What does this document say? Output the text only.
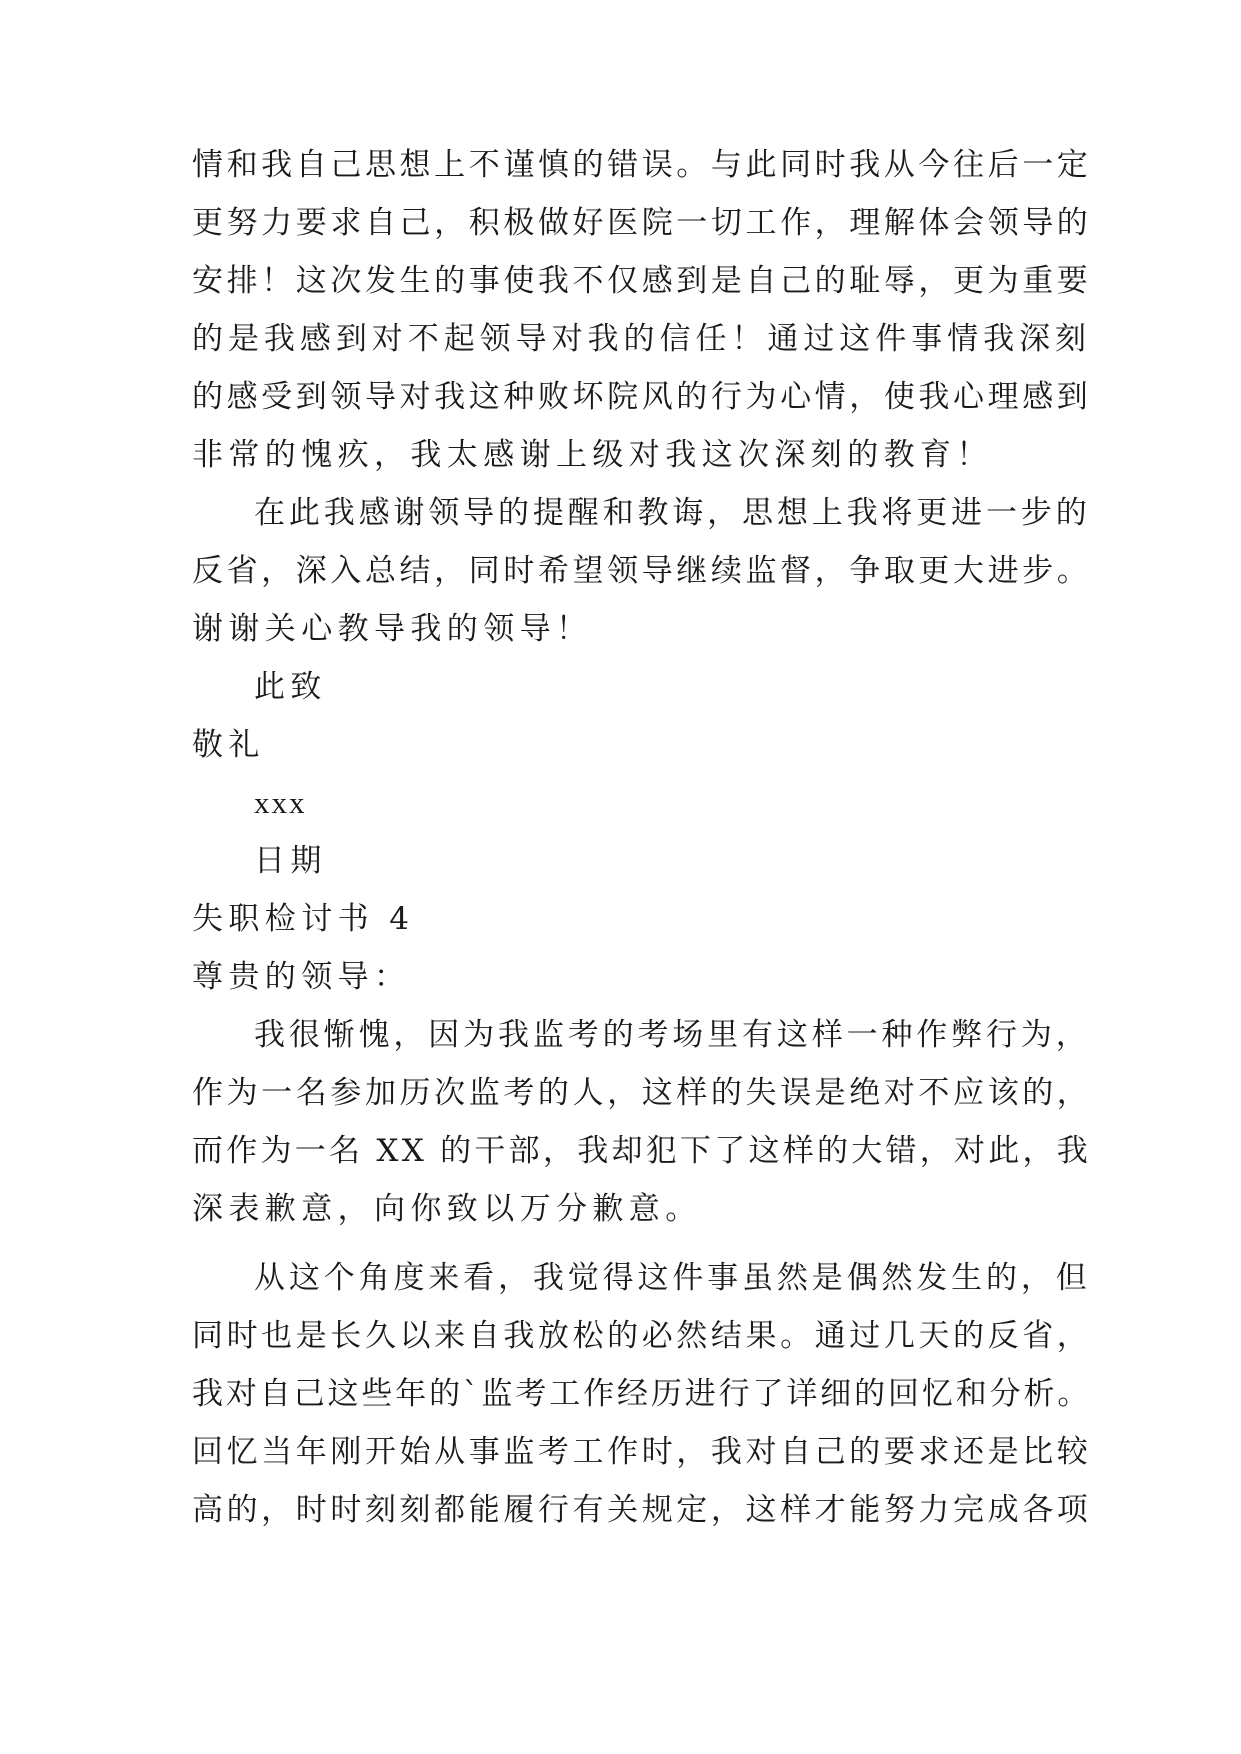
情和我自己思想上不谨慎的错误。与此同时我从今往后一定
更努力要求自己，积极做好医院一切工作，理解体会领导的
安排！这次发生的事使我不仅感到是自己的耻辱，更为重要
的是我感到对不起领导对我的信任！通过这件事情我深刻
的感受到领导对我这种败坏院风的行为心情，使我心理感到
非常的愧疚，我太感谢上级对我这次深刻的教育！
在此我感谢领导的提醒和教诲，思想上我将更进一步的
反省，深入总结，同时希望领导继续监督，争取更大进步。
谢谢关心教导我的领导！
此致
敬礼
xxx
日期
失职检讨书 4
尊贵的领导：
我很惭愧，因为我监考的考场里有这样一种作弊行为，
作为一名参加历次监考的人，这样的失误是绝对不应该的，
而作为一名 XX 的干部，我却犯下了这样的大错，对此，我
深表歉意，向你致以万分歉意。
从这个角度来看，我觉得这件事虽然是偶然发生的，但
同时也是长久以来自我放松的必然结果。通过几天的反省，
我对自己这些年的`监考工作经历进行了详细的回忆和分析。
回忆当年刚开始从事监考工作时，我对自己的要求还是比较
高的，时时刻刻都能履行有关规定，这样才能努力完成各项
